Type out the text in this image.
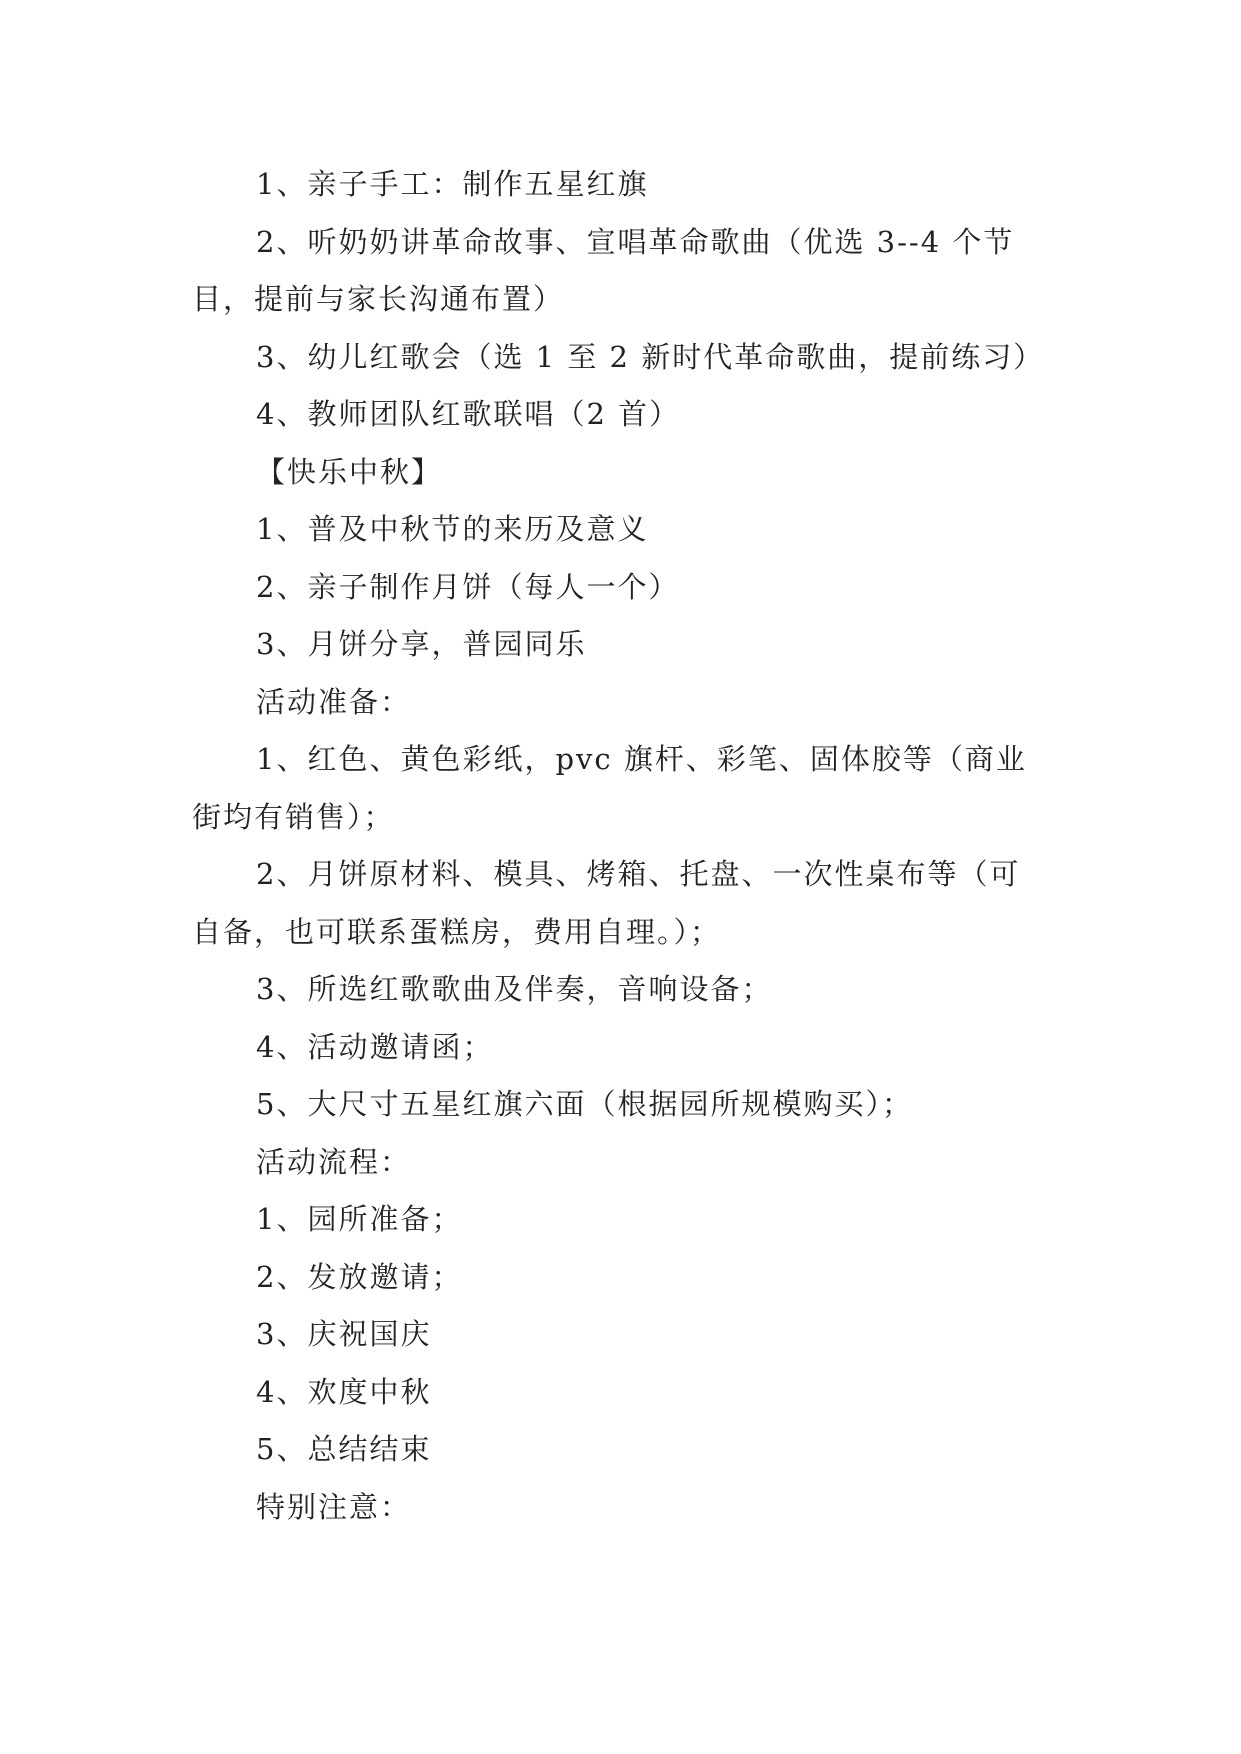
1、亲子手工：制作五星红旗
2、听奶奶讲革命故事、宣唱革命歌曲（优选 3--4 个节
目，提前与家长沟通布置）
3、幼儿红歌会（选 1 至 2 新时代革命歌曲，提前练习）
4、教师团队红歌联唱（2 首）
【快乐中秋】
1、普及中秋节的来历及意义
2、亲子制作月饼（每人一个）
3、月饼分享，普园同乐
活动准备：
1、红色、黄色彩纸，pvc 旗杆、彩笔、固体胶等（商业
街均有销售）；
2、月饼原材料、模具、烤箱、托盘、一次性桌布等（可
自备，也可联系蛋糕房，费用自理。）；
3、所选红歌歌曲及伴奏，音响设备；
4、活动邀请函；
5、大尺寸五星红旗六面（根据园所规模购买）；
活动流程：
1、园所准备；
2、发放邀请；
3、庆祝国庆
4、欢度中秋
5、总结结束
特别注意：
